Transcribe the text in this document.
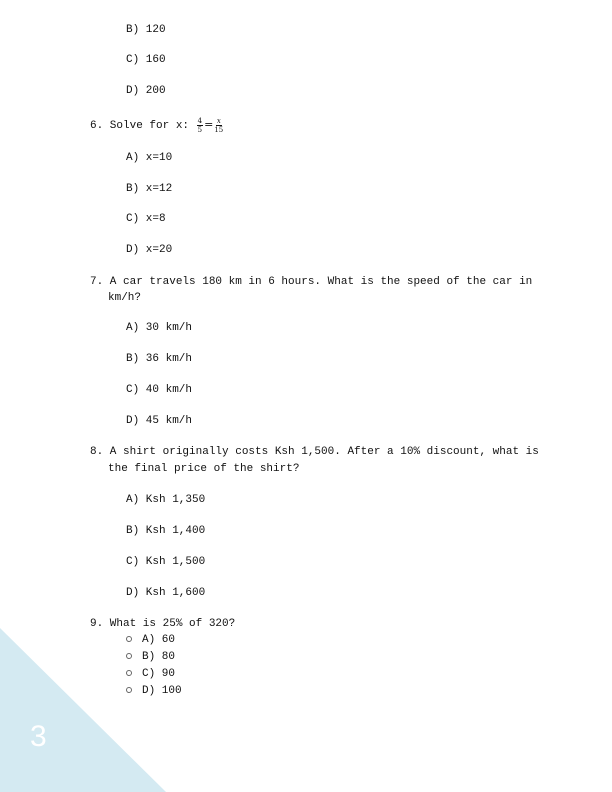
3
B) 120
C) 160
D) 200
6. Solve for x: $\frac{4}{5} = \frac{x}{15}$
A) x=10
B) x=12
C) x=8
D) x=20
7. A car travels 180 km in 6 hours. What is the speed of the car in
km/h?
A) 30 km/h
B) 36 km/h
C) 40 km/h
D) 45 km/h
8. A shirt originally costs Ksh 1,500. After a 10% discount, what is
the final price of the shirt?
A) Ksh 1,350
B) Ksh 1,400
C) Ksh 1,500
D) Ksh 1,600
9. What is 25% of 320?
A) 60
B) 80
C) 90
D) 100
